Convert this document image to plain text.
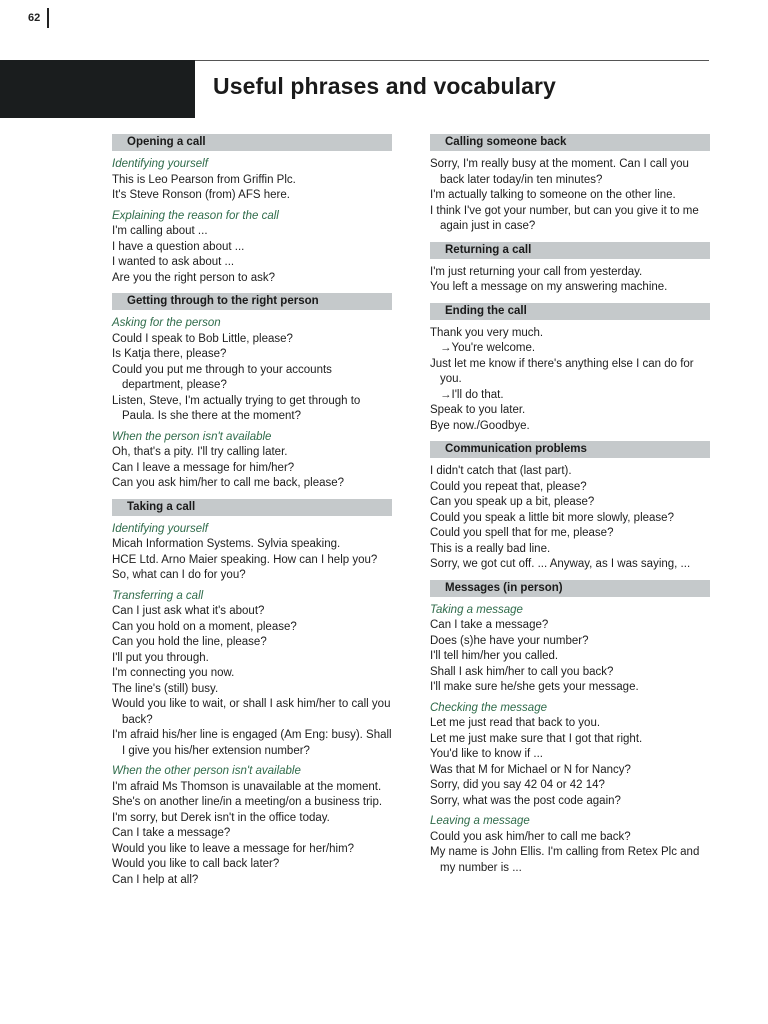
62
Useful phrases and vocabulary
Opening a call

Identifying yourself

This is Leo Pearson from Griffin Plc.

It's Steve Ronson (from) AFS here.

Explaining the reason for the call

I'm calling about ...

I have a question about ...

I wanted to ask about ...

Are you the right person to ask?

Getting through to the right person

Asking for the person

Could I speak to Bob Little, please?

Is Katja there, please?

Could you put me through to your accounts department, please?

Listen, Steve, I'm actually trying to get through to Paula. Is she there at the moment?

When the person isn't available

Oh, that's a pity. I'll try calling later.

Can I leave a message for him/her?

Can you ask him/her to call me back, please?

Taking a call

Identifying yourself

Micah Information Systems. Sylvia speaking.

HCE Ltd. Arno Maier speaking. How can I help you?

So, what can I do for you?

Transferring a call

Can I just ask what it's about?

Can you hold on a moment, please?

Can you hold the line, please?

I'll put you through.

I'm connecting you now.

The line's (still) busy.

Would you like to wait, or shall I ask him/her to call you back?

I'm afraid his/her line is engaged (Am Eng: busy). Shall I give you his/her extension number?

When the other person isn't available

I'm afraid Ms Thomson is unavailable at the moment.

She's on another line/in a meeting/on a business trip.

I'm sorry, but Derek isn't in the office today.

Can I take a message?

Would you like to leave a message for her/him?

Would you like to call back later?

Can I help at all?

Calling someone back

Sorry, I'm really busy at the moment. Can I call you back later today/in ten minutes?

I'm actually talking to someone on the other line.

I think I've got your number, but can you give it to me again just in case?

Returning a call

I'm just returning your call from yesterday.

You left a message on my answering machine.

Ending the call

Thank you very much.

→You're welcome.

Just let me know if there's anything else I can do for you.

→I'll do that.

Speak to you later.

Bye now./Goodbye.

Communication problems

I didn't catch that (last part).

Could you repeat that, please?

Can you speak up a bit, please?

Could you speak a little bit more slowly, please?

Could you spell that for me, please?

This is a really bad line.

Sorry, we got cut off. ... Anyway, as I was saying, ...

Messages (in person)

Taking a message

Can I take a message?

Does (s)he have your number?

I'll tell him/her you called.

Shall I ask him/her to call you back?

I'll make sure he/she gets your message.

Checking the message

Let me just read that back to you.

Let me just make sure that I got that right.

You'd like to know if ...

Was that M for Michael or N for Nancy?

Sorry, did you say 42 04 or 42 14?

Sorry, what was the post code again?

Leaving a message

Could you ask him/her to call me back?

My name is John Ellis. I'm calling from Retex Plc and my number is ...
